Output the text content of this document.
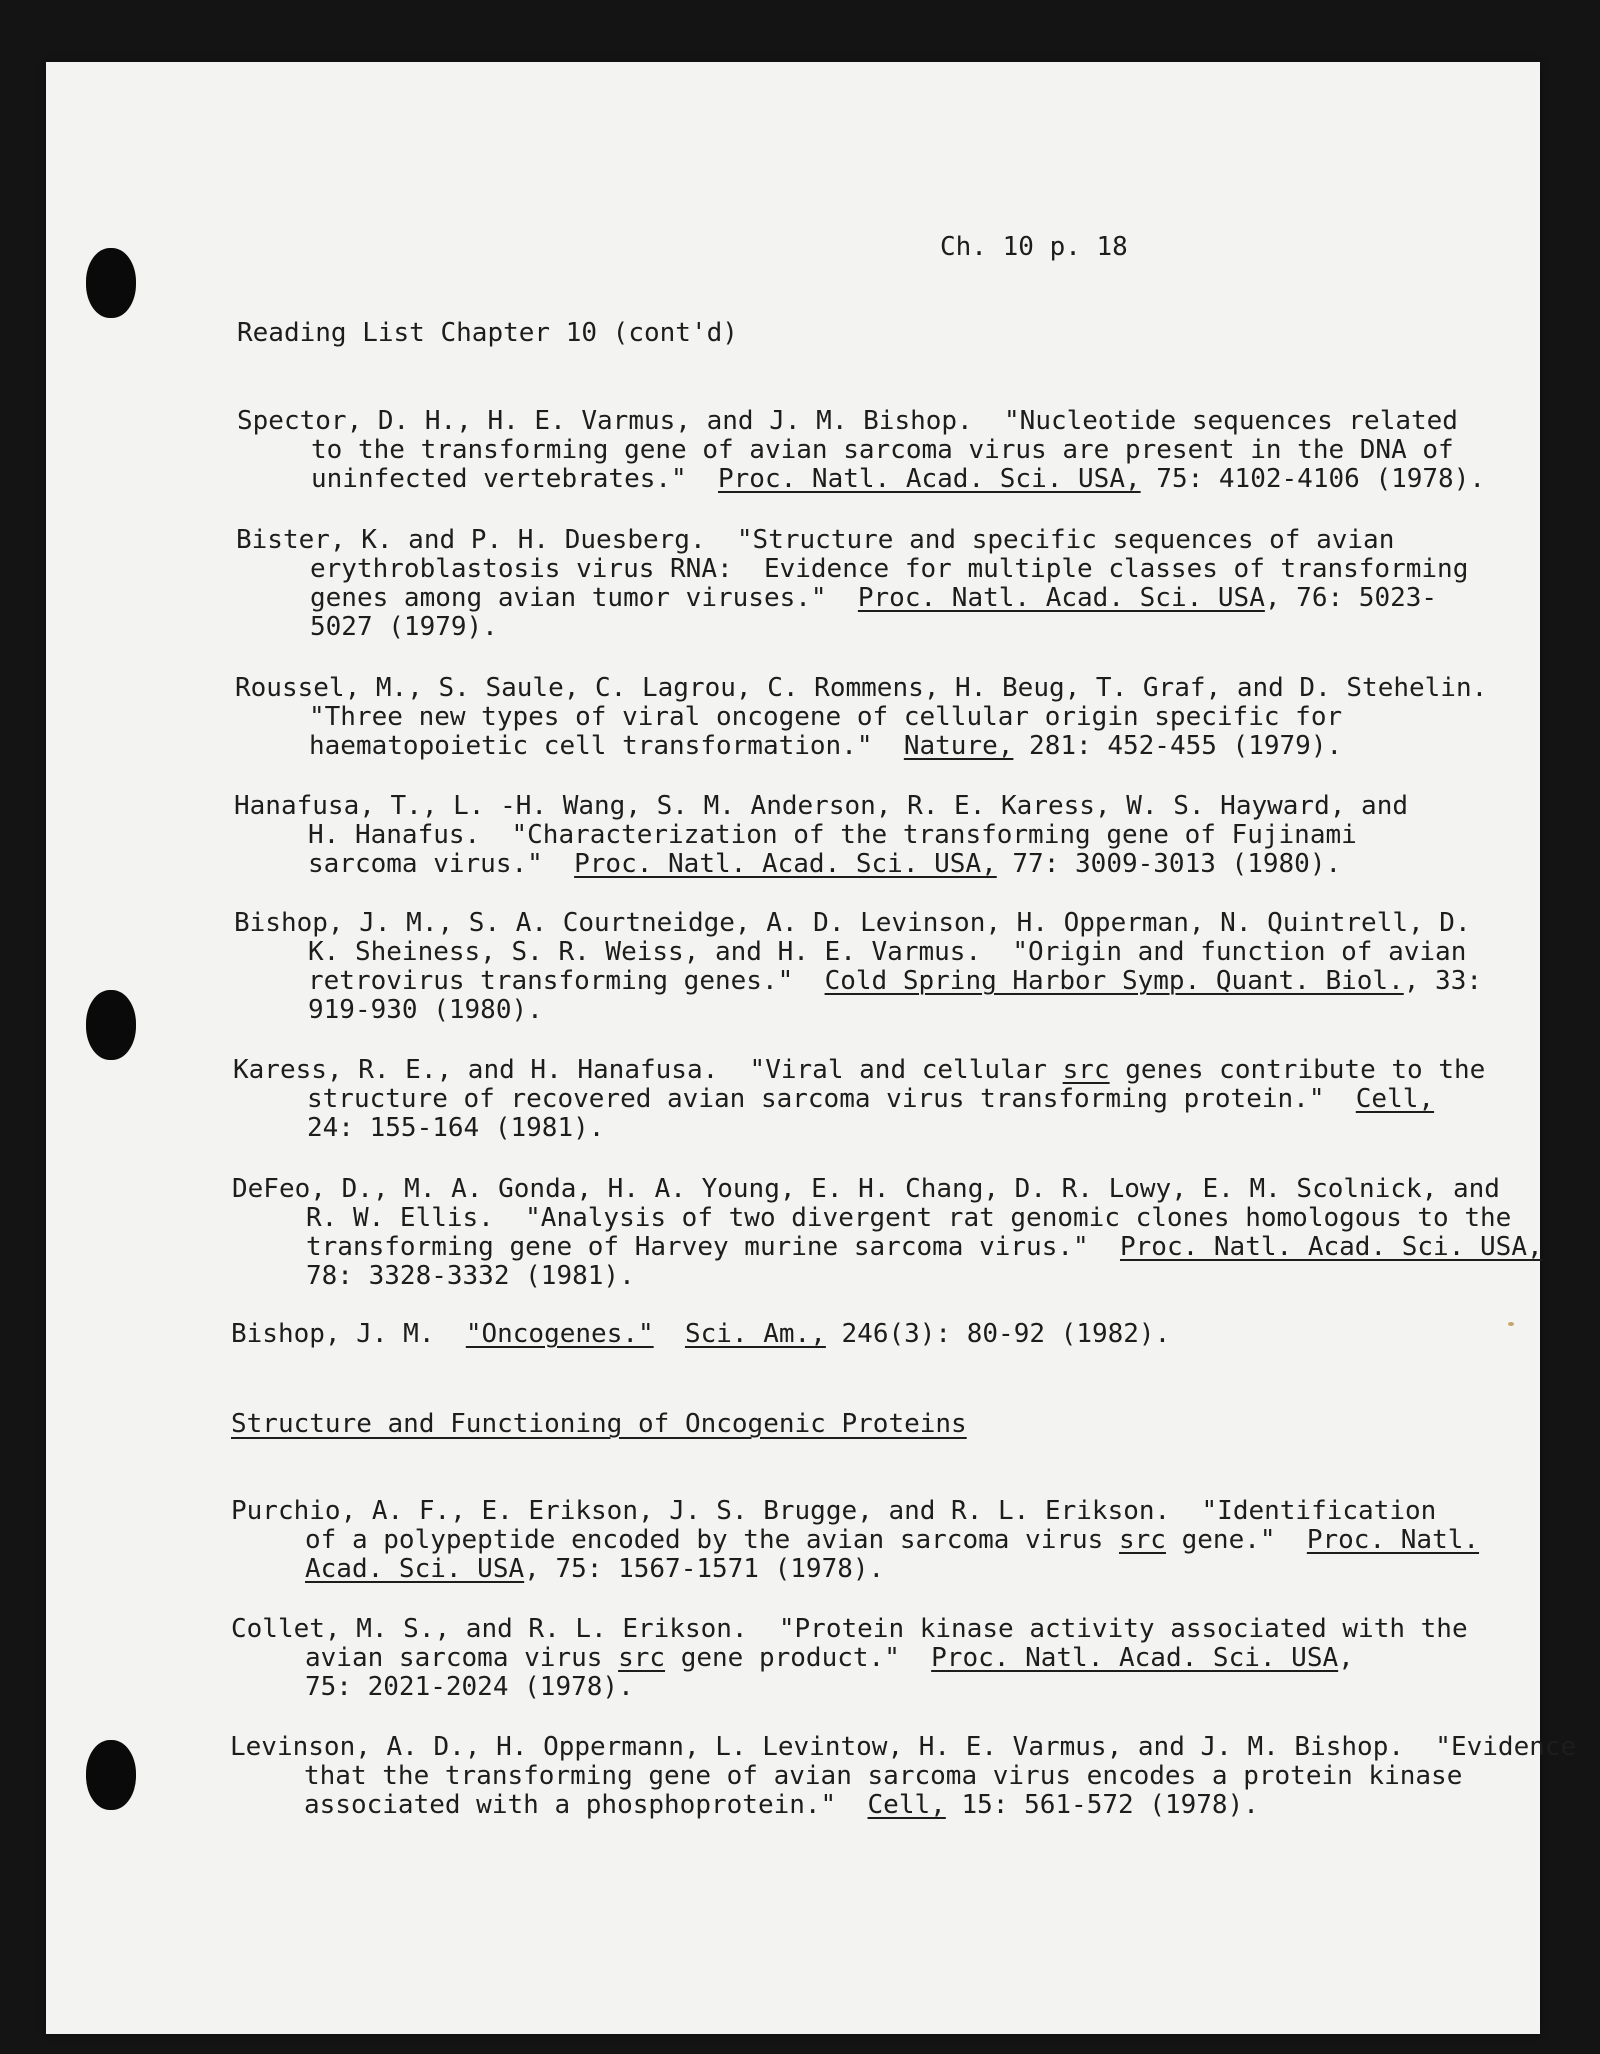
Ch. 10 p. 18
Reading List Chapter 10 (cont'd)
Spector, D. H., H. E. Varmus, and J. M. Bishop.  "Nucleotide sequences related
to the transforming gene of avian sarcoma virus are present in the DNA of
uninfected vertebrates."  Proc. Natl. Acad. Sci. USA, 75: 4102-4106 (1978).
Bister, K. and P. H. Duesberg.  "Structure and specific sequences of avian
erythroblastosis virus RNA:  Evidence for multiple classes of transforming
genes among avian tumor viruses."  Proc. Natl. Acad. Sci. USA, 76: 5023-
5027 (1979).
Roussel, M., S. Saule, C. Lagrou, C. Rommens, H. Beug, T. Graf, and D. Stehelin.
"Three new types of viral oncogene of cellular origin specific for
haematopoietic cell transformation."  Nature, 281: 452-455 (1979).
Hanafusa, T., L. -H. Wang, S. M. Anderson, R. E. Karess, W. S. Hayward, and
H. Hanafus.  "Characterization of the transforming gene of Fujinami
sarcoma virus."  Proc. Natl. Acad. Sci. USA, 77: 3009-3013 (1980).
Bishop, J. M., S. A. Courtneidge, A. D. Levinson, H. Opperman, N. Quintrell, D.
K. Sheiness, S. R. Weiss, and H. E. Varmus.  "Origin and function of avian
retrovirus transforming genes."  Cold Spring Harbor Symp. Quant. Biol., 33:
919-930 (1980).
Karess, R. E., and H. Hanafusa.  "Viral and cellular src genes contribute to the
structure of recovered avian sarcoma virus transforming protein."  Cell,
24: 155-164 (1981).
DeFeo, D., M. A. Gonda, H. A. Young, E. H. Chang, D. R. Lowy, E. M. Scolnick, and
R. W. Ellis.  "Analysis of two divergent rat genomic clones homologous to the
transforming gene of Harvey murine sarcoma virus."  Proc. Natl. Acad. Sci. USA,
78: 3328-3332 (1981).
Bishop, J. M.  "Oncogenes." Sci. Am., 246(3): 80-92 (1982).
Structure and Functioning of Oncogenic Proteins
Purchio, A. F., E. Erikson, J. S. Brugge, and R. L. Erikson.  "Identification
of a polypeptide encoded by the avian sarcoma virus src gene."  Proc. Natl.
Acad. Sci. USA, 75: 1567-1571 (1978).
Collet, M. S., and R. L. Erikson.  "Protein kinase activity associated with the
avian sarcoma virus src gene product."  Proc. Natl. Acad. Sci. USA,
75: 2021-2024 (1978).
Levinson, A. D., H. Oppermann, L. Levintow, H. E. Varmus, and J. M. Bishop.  "Evidence
that the transforming gene of avian sarcoma virus encodes a protein kinase
associated with a phosphoprotein."  Cell, 15: 561-572 (1978).
